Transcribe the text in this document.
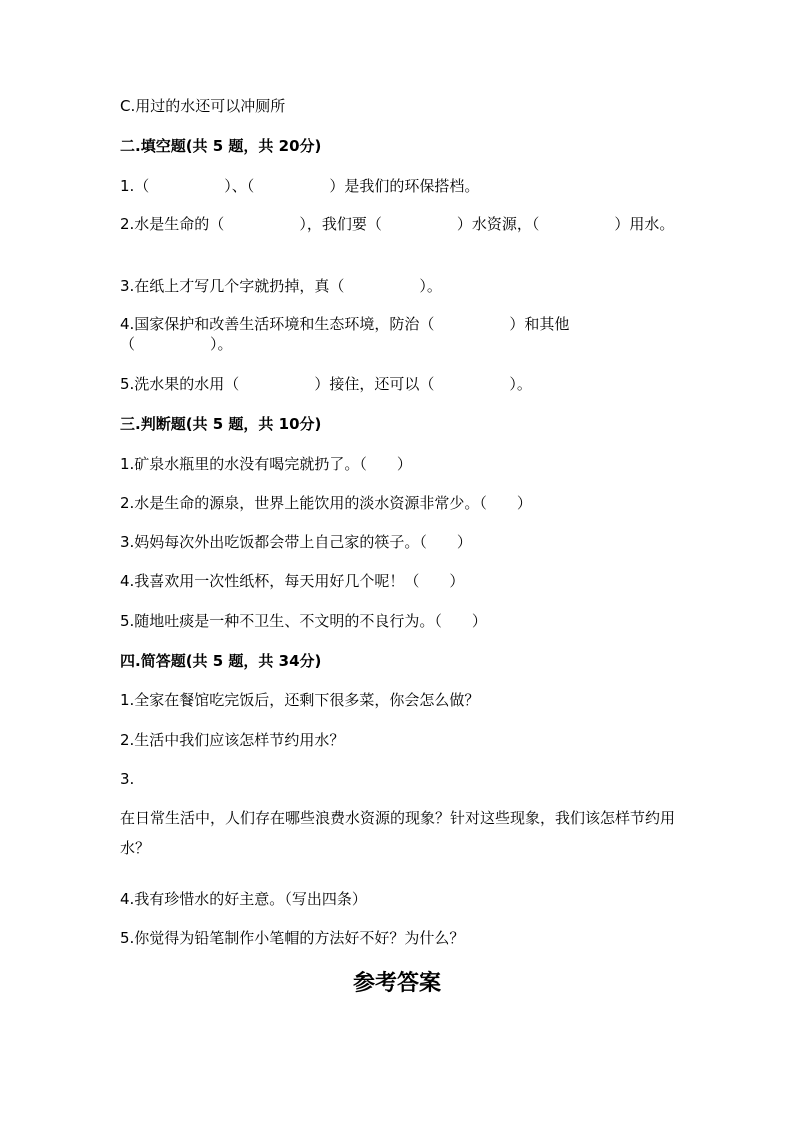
C.用过的水还可以冲厕所
二.填空题(共 5 题，共 20分)
1.（　　　　　）、（　　　　　）是我们的环保搭档。
2.水是生命的（　　　　　），我们要（　　　　　）水资源，（　　　　　）用水。
3.在纸上才写几个字就扔掉，真（　　　　　）。
4.国家保护和改善生活环境和生态环境，防治（　　　　　）和其他（　　　　　）。
5.洗水果的水用（　　　　　）接住，还可以（　　　　　）。
三.判断题(共 5 题，共 10分)
1.矿泉水瓶里的水没有喝完就扔了。（　　）
2.水是生命的源泉，世界上能饮用的淡水资源非常少。（　　）
3.妈妈每次外出吃饭都会带上自己家的筷子。（　　）
4.我喜欢用一次性纸杯，每天用好几个呢！（　　）
5.随地吐痰是一种不卫生、不文明的不良行为。（　　）
四.简答题(共 5 题，共 34分)
1.全家在餐馆吃完饭后，还剩下很多菜，你会怎么做？
2.生活中我们应该怎样节约用水？
3.
在日常生活中，人们存在哪些浪费水资源的现象？针对这些现象，我们该怎样节约用水？
4.我有珍惜水的好主意。（写出四条）
5.你觉得为铅笔制作小笔帽的方法好不好？为什么？
参考答案
